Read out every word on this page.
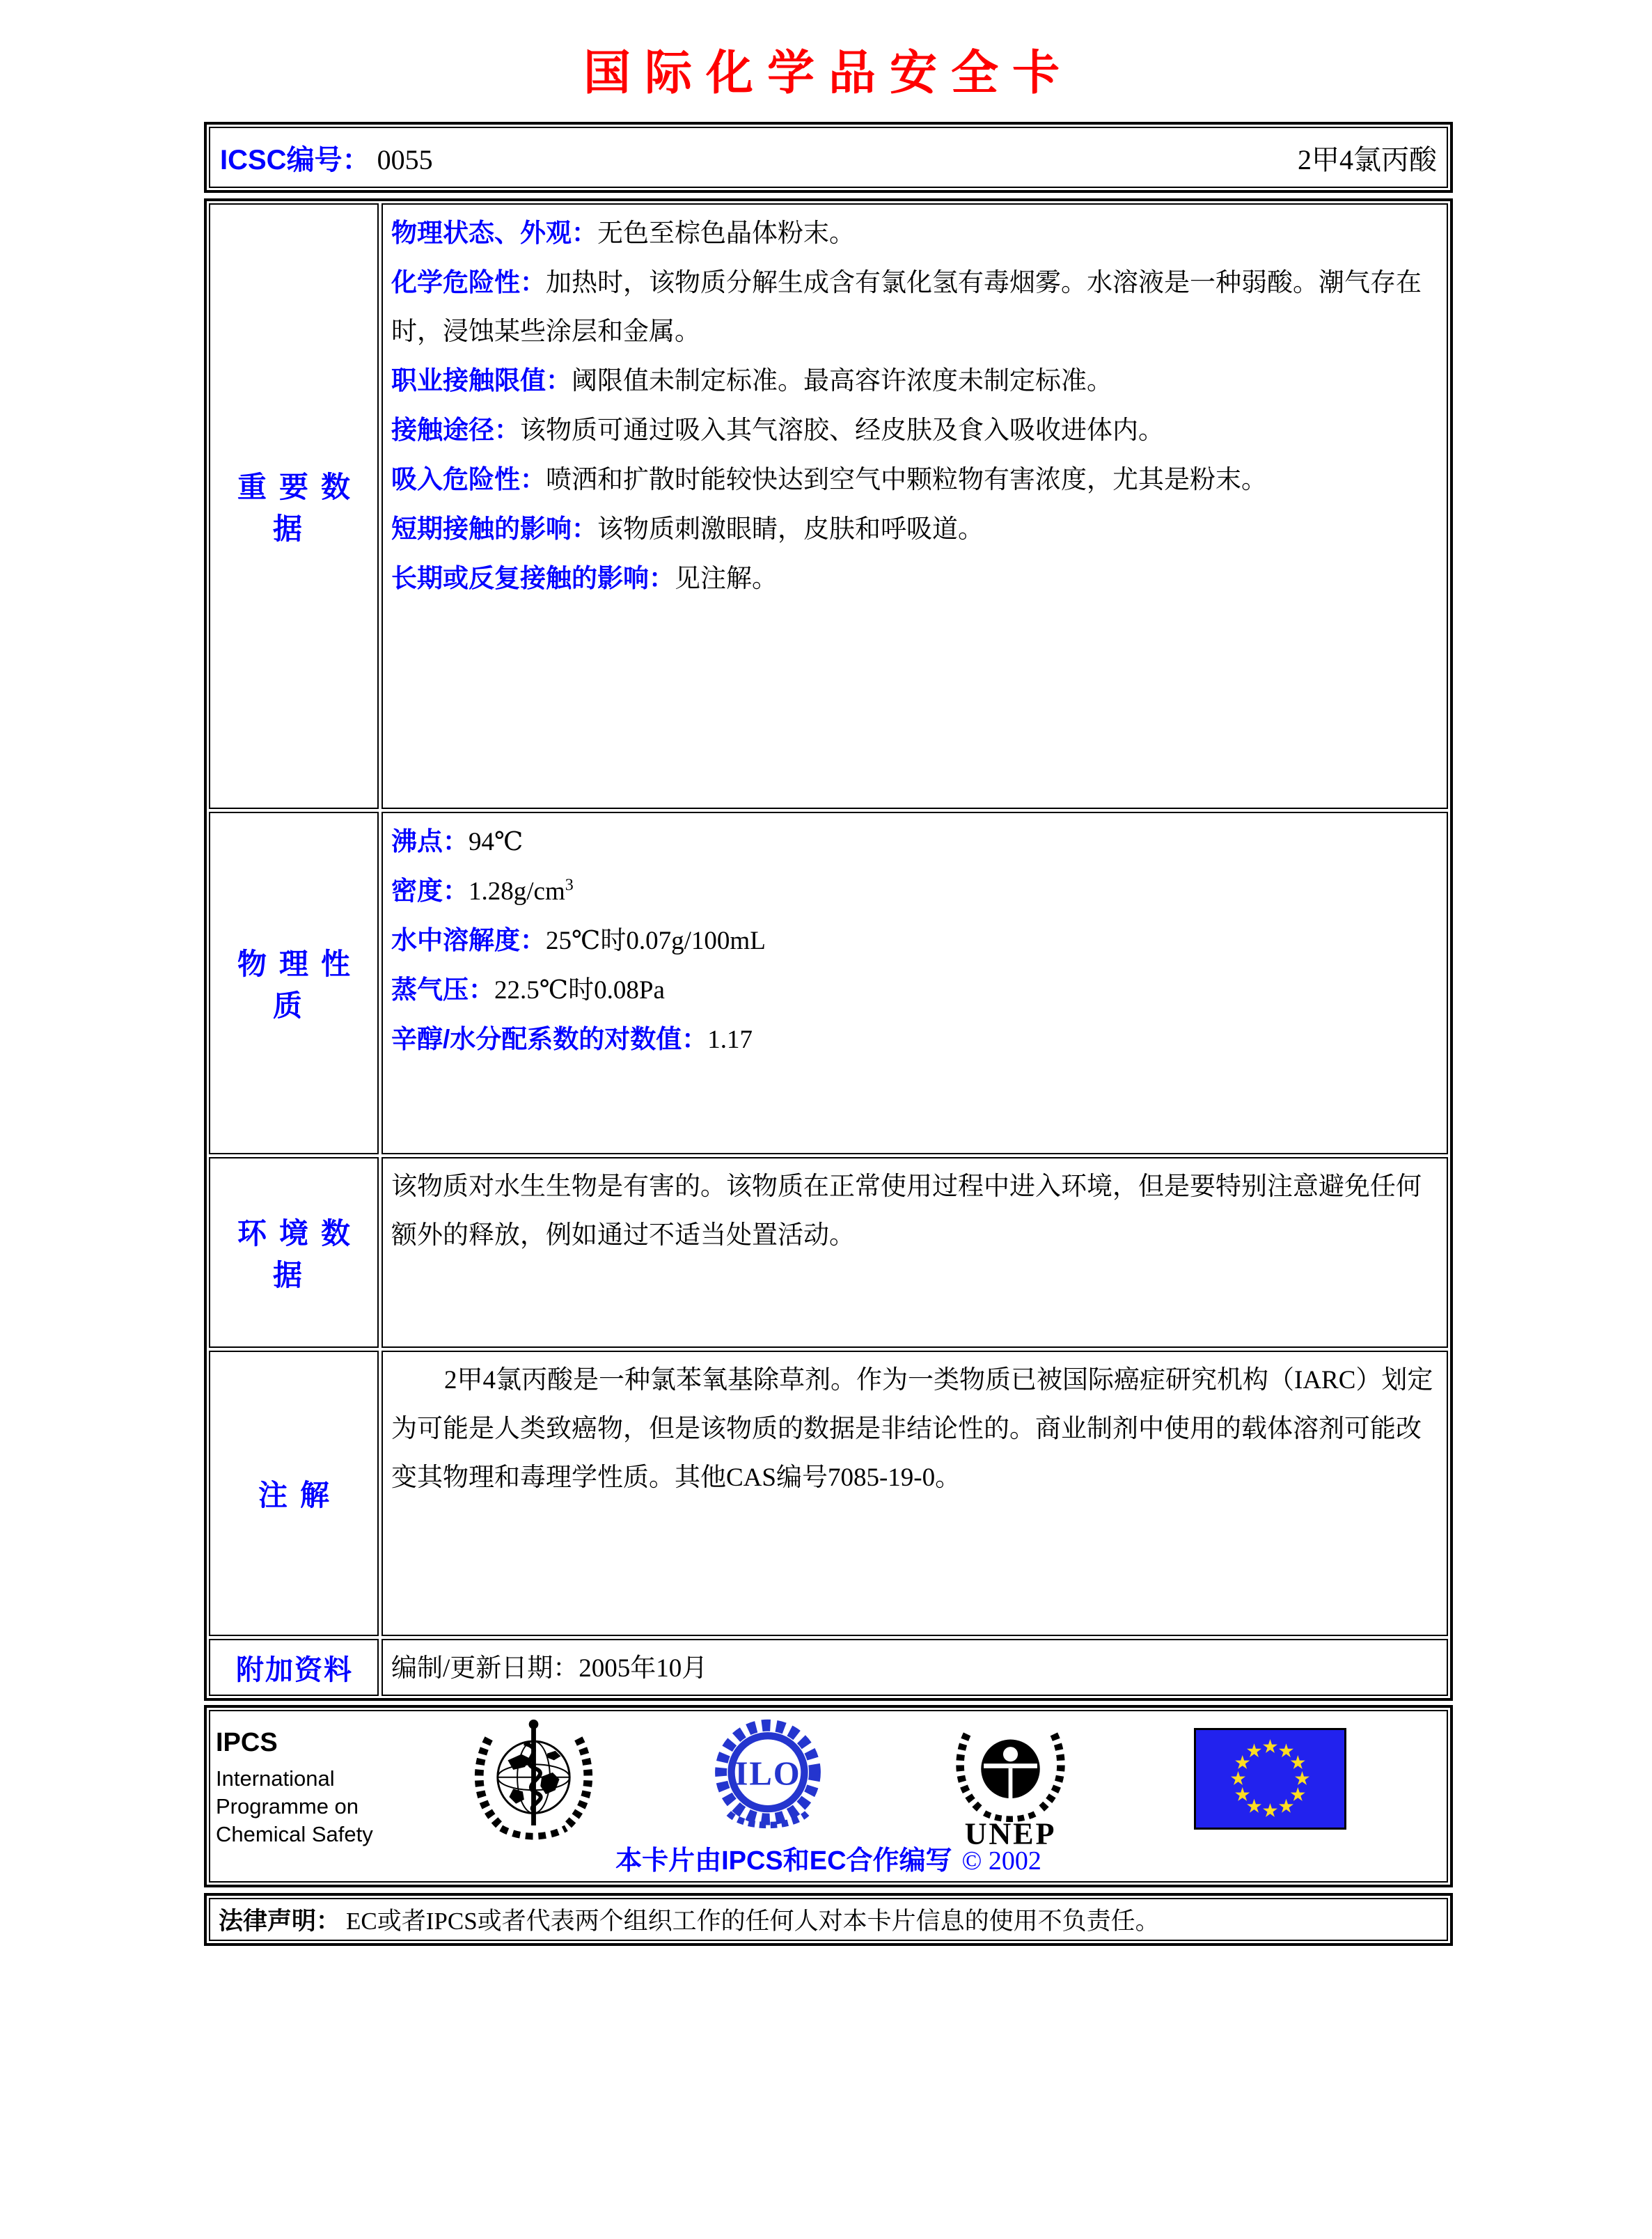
国际化学品安全卡
ICSC编号： 0055	2甲4氯丙酸
重要数据

物理状态、外观：无色至棕色晶体粉末。

化学危险性：加热时，该物质分解生成含有氯化氢有毒烟雾。水溶液是一种弱酸。潮气存在时，浸蚀某些涂层和金属。

职业接触限值：阈限值未制定标准。最高容许浓度未制定标准。

接触途径：该物质可通过吸入其气溶胶、经皮肤及食入吸收进体内。

吸入危险性：喷洒和扩散时能较快达到空气中颗粒物有害浓度，尤其是粉末。

短期接触的影响：该物质刺激眼睛，皮肤和呼吸道。

长期或反复接触的影响：见注解。

物理性质

沸点：94℃

密度：$1.28g/cm^3$

水中溶解度：25℃时0.07g/100mL

蒸气压：22.5℃时0.08Pa

辛醇/水分配系数的对数值：1.17

环境数据

该物质对水生生物是有害的。该物质在正常使用过程中进入环境，但是要特别注意避免任何额外的释放，例如通过不适当处置活动。

注解

2甲4氯丙酸是一种氯苯氧基除草剂。作为一类物质已被国际癌症研究机构（IARC）划定为可能是人类致癌物，但是该物质的数据是非结论性的。商业制剂中使用的载体溶剂可能改变其物理和毒理学性质。其他CAS编号7085-19-0。

附加资料	编制/更新日期：2005年10月

IPCS
International
Programme on
Chemical Safety
ILO
UNEP
本卡片由IPCS和EC合作编写 © 2002
法律声明： EC或者IPCS或者代表两个组织工作的任何人对本卡片信息的使用不负责任。
